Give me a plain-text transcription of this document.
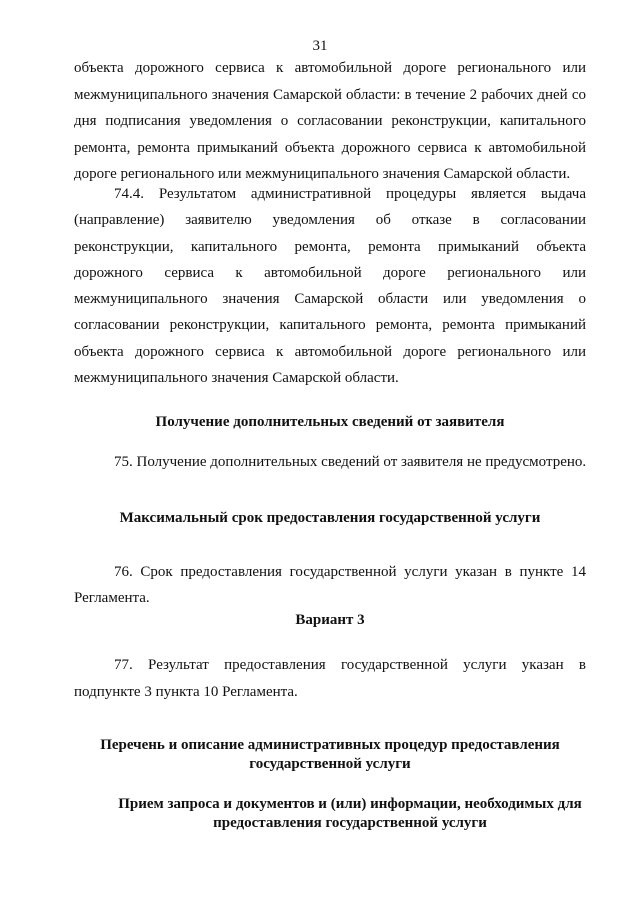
31

объекта дорожного сервиса к автомобильной дороге регионального или межмуниципального значения Самарской области: в течение 2 рабочих дней со дня подписания уведомления о согласовании реконструкции, капитального ремонта, ремонта примыканий объекта дорожного сервиса к автомобильной дороге регионального или межмуниципального значения Самарской области.

74.4. Результатом административной процедуры является выдача (направление) заявителю уведомления об отказе в согласовании реконструкции, капитального ремонта, ремонта примыканий объекта дорожного сервиса к автомобильной дороге регионального или межмуниципального значения Самарской области или уведомления о согласовании реконструкции, капитального ремонта, ремонта примыканий объекта дорожного сервиса к автомобильной дороге регионального или межмуниципального значения Самарской области.

Получение дополнительных сведений от заявителя

75. Получение дополнительных сведений от заявителя не предусмотрено.

Максимальный срок предоставления государственной услуги

76. Срок предоставления государственной услуги указан в пункте 14 Регламента.

Вариант 3

77. Результат предоставления государственной услуги указан в подпункте 3 пункта 10 Регламента.

Перечень и описание административных процедур предоставления
государственной услуги
Прием запроса и документов и (или) информации, необходимых для
предоставления государственной услуги
